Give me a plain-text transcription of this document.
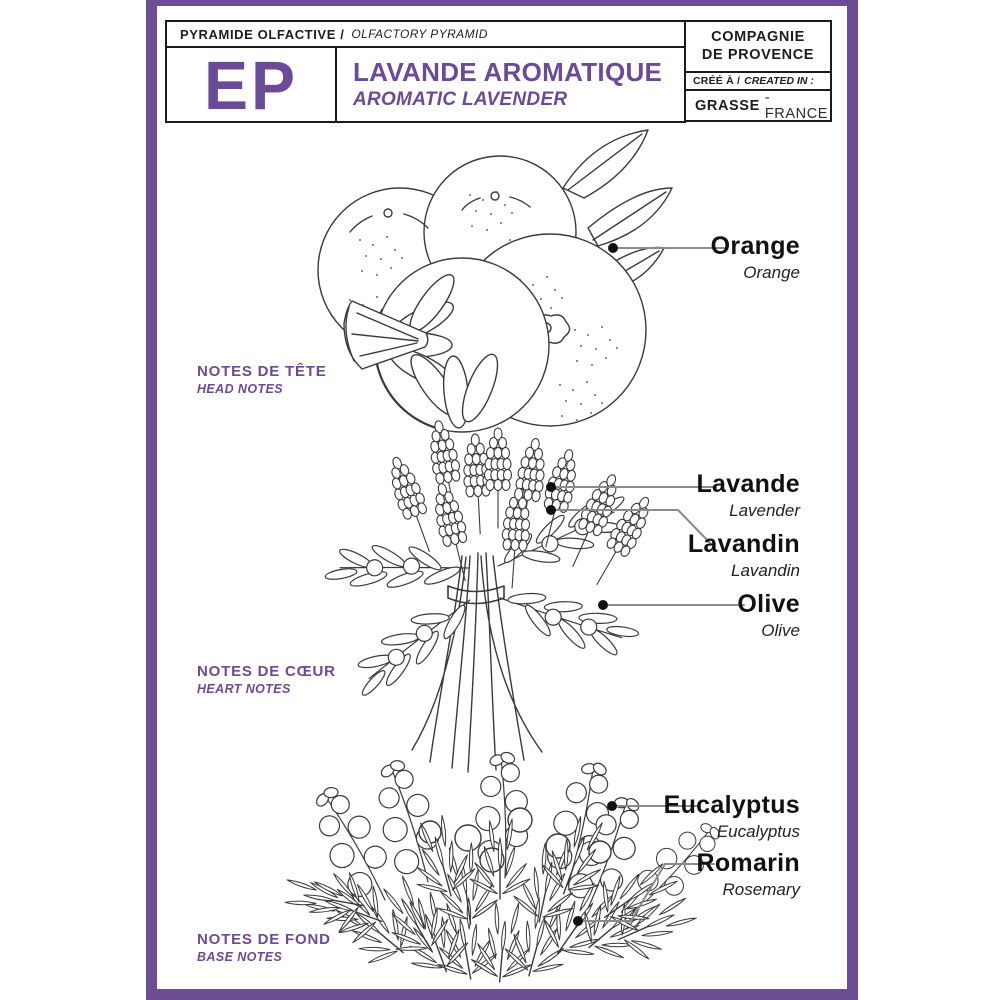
PYRAMIDE OLFACTIVE / OLFACTORY PYRAMID
EP LAVANDE AROMATIQUE
AROMATIC LAVENDER
COMPAGNIE
DE PROVENCE
CRÉÉ À / CREATED IN :
GRASSE - FRANCE
NOTES DE TÊTE
HEAD NOTES
NOTES DE CŒUR
HEART NOTES
NOTES DE FOND
BASE NOTES
Orange
Orange
Lavande
Lavender
Lavandin
Lavandin
Olive
Olive
Eucalyptus
Eucalyptus
Romarin
Rosemary
